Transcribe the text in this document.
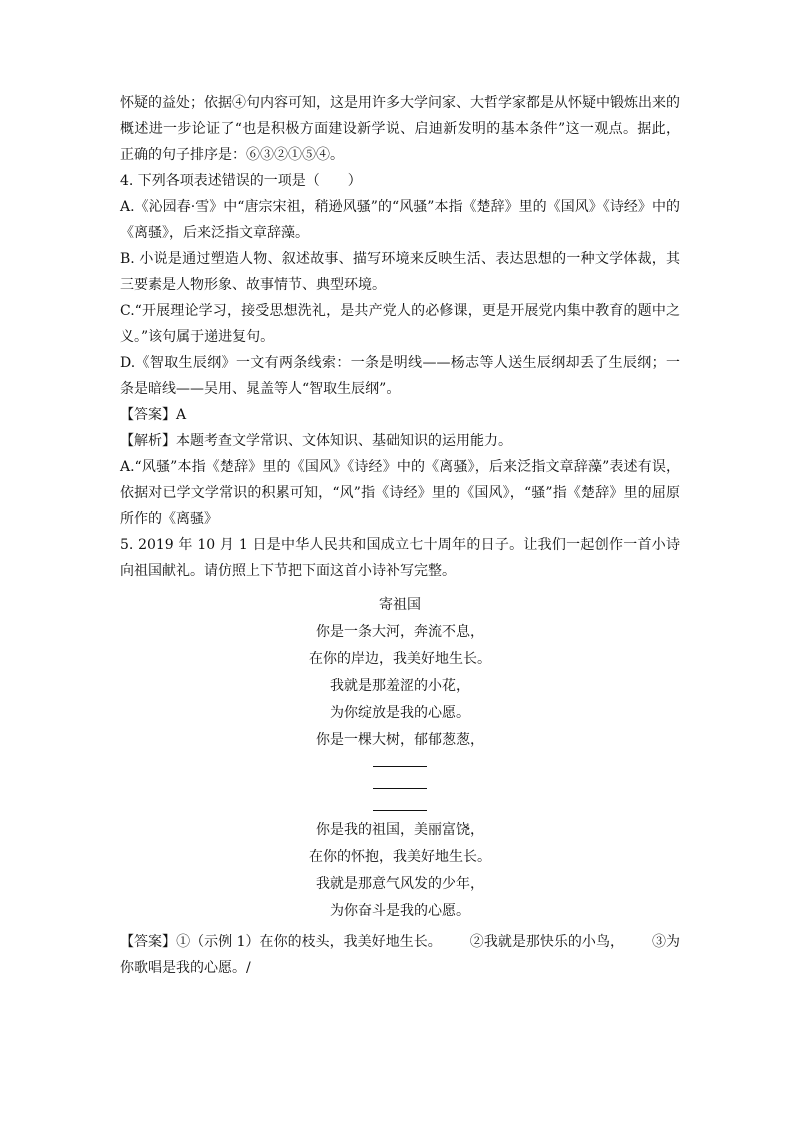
怀疑的益处；依据④句内容可知，这是用许多大学问家、大哲学家都是从怀疑中锻炼出来的概述进一步论证了“也是积极方面建设新学说、启迪新发明的基本条件”这一观点。据此，正确的句子排序是：⑥③②①⑤④。

4. 下列各项表述错误的一项是（　　）

A.《沁园春·雪》中“唐宗宋祖，稍逊风骚”的“风骚”本指《楚辞》里的《国风》《诗经》中的《离骚》，后来泛指文章辞藻。

B. 小说是通过塑造人物、叙述故事、描写环境来反映生活、表达思想的一种文学体裁，其三要素是人物形象、故事情节、典型环境。

C.“开展理论学习，接受思想洗礼，是共产党人的必修课，更是开展党内集中教育的题中之义。”该句属于递进复句。

D.《智取生辰纲》一文有两条线索：一条是明线——杨志等人送生辰纲却丢了生辰纲；一条是暗线——吴用、晁盖等人“智取生辰纲”。

【答案】A

【解析】本题考查文学常识、文体知识、基础知识的运用能力。

A.“风骚”本指《楚辞》里的《国风》《诗经》中的《离骚》，后来泛指文章辞藻”表述有误，依据对已学文学常识的积累可知，“风”指《诗经》里的《国风》，“骚”指《楚辞》里的屈原所作的《离骚》

5. 2019 年 10 月 1 日是中华人民共和国成立七十周年的日子。让我们一起创作一首小诗向祖国献礼。请仿照上下节把下面这首小诗补写完整。

寄祖国
你是一条大河，奔流不息，
在你的岸边，我美好地生长。
我就是那羞涩的小花，
为你绽放是我的心愿。
你是一棵大树，郁郁葱葱，
你是我的祖国，美丽富饶，
在你的怀抱，我美好地生长。
我就是那意气风发的少年，
为你奋斗是我的心愿。

【答案】①（示例 1）在你的枝头，我美好地生长。 ②我就是那快乐的小鸟， ③为你歌唱是我的心愿。/
